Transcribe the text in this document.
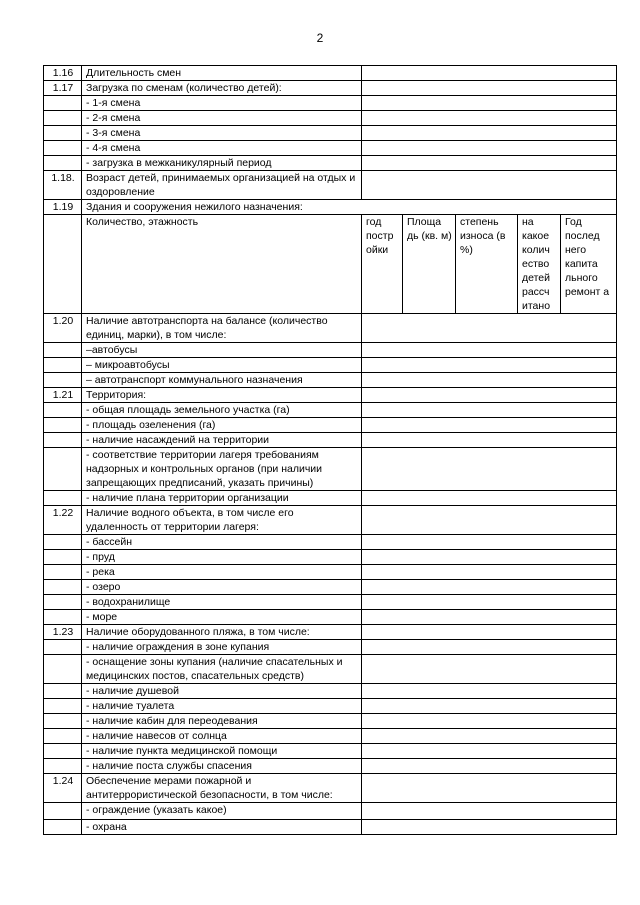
2
1.16	Длительность смен					
1.17	Загрузка по сменам (количество детей):					
	- 1-я смена					
	- 2-я смена					
	- 3-я смена					
	- 4-я смена					
	- загрузка в межканикулярный период					
1.18.	Возраст детей, принимаемых организацией на отдых и оздоровление					
1.19	Здания и сооружения нежилого назначения:					
	Количество, этажность	год постр ойки	Площа дь (кв. м)	степень износа (в %)	на какое колич ество детей рассч итано	Год послед него капита льного ремонт а
1.20	Наличие автотранспорта на балансе (количество единиц, марки), в том числе:					
	–автобусы					
	– микроавтобусы					
	– автотранспорт коммунального назначения					
1.21	Территория:					
	- общая площадь земельного участка (га)					
	- площадь озеленения (га)					
	- наличие насаждений на территории					
	- соответствие территории лагеря требованиям надзорных и контрольных органов (при наличии запрещающих предписаний, указать причины)					
	- наличие плана территории организации					
1.22	Наличие водного объекта, в том числе его удаленность от территории лагеря:					
	- бассейн					
	- пруд					
	- река					
	- озеро					
	- водохранилище					
	- море					
1.23	Наличие оборудованного пляжа, в том числе:					
	- наличие ограждения в зоне купания					
	- оснащение зоны купания (наличие спасательных и медицинских постов, спасательных средств)					
	- наличие душевой					
	- наличие туалета					
	- наличие кабин для переодевания					
	- наличие навесов от солнца					
	- наличие пункта медицинской помощи					
	- наличие поста службы спасения					
1.24	Обеспечение мерами пожарной и антитеррористической безопасности, в том числе:					
	- ограждение (указать какое)					
	- охрана					
